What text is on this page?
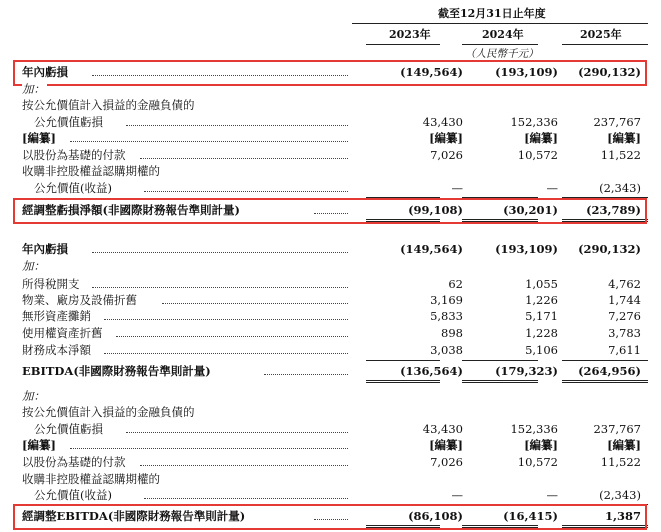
截至12月31日止年度
2023年	2024年	2025年
（人民幣千元）
年內虧損	(149,564)	(193,109)	(290,132)
加：
按公允價值計入損益的金融負債的
公允價值虧損	43,430	152,336	237,767
[編纂]	[編纂]	[編纂]	[編纂]
以股份為基礎的付款	7,026	10,572	11,522
收購非控股權益認購期權的
公允價值(收益)	—	—	(2,343)
經調整虧損淨額(非國際財務報告準則計量)	(99,108)	(30,201)	(23,789)
年內虧損	(149,564)	(193,109)	(290,132)
加：
所得稅開支	62	1,055	4,762
物業、廠房及設備折舊	3,169	1,226	1,744
無形資產攤銷	5,833	5,171	7,276
使用權資產折舊	898	1,228	3,783
財務成本淨額	3,038	5,106	7,611
EBITDA(非國際財務報告準則計量)	(136,564)	(179,323)	(264,956)
加：
按公允價值計入損益的金融負債的
公允價值虧損	43,430	152,336	237,767
[編纂]	[編纂]	[編纂]	[編纂]
以股份為基礎的付款	7,026	10,572	11,522
收購非控股權益認購期權的
公允價值(收益)	—	—	(2,343)
經調整EBITDA(非國際財務報告準則計量)	(86,108)	(16,415)	1,387
